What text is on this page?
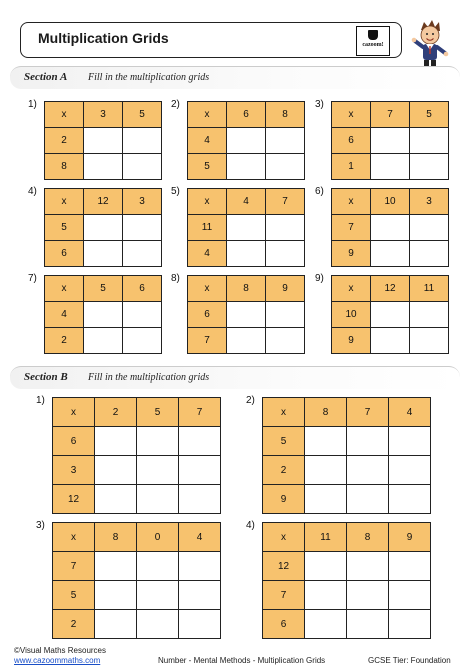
Multiplication Grids	cazoom!
Section A Fill in the multiplication grids
Section B Fill in the multiplication grids
1)
x	3	5
2		
8		
2)
x	6	8
4		
5		
3)
x	7	5
6		
1		
4)
x	12	3
5		
6		
5)
x	4	7
11		
4		
6)
x	10	3
7		
9		
7)
x	5	6
4		
2		
8)
x	8	9
6		
7		
9)
x	12	11
10		
9		
1)
x	2	5	7
6			
3			
12			
2)
x	8	7	4
5			
2			
9			
3)
x	8	0	4
7			
5			
2			
4)
x	11	8	9
12			
7			
6			
©Visual Maths Resources
www.cazoommaths.com	Number - Mental Methods - Multiplication Grids	GCSE Tier: Foundation
